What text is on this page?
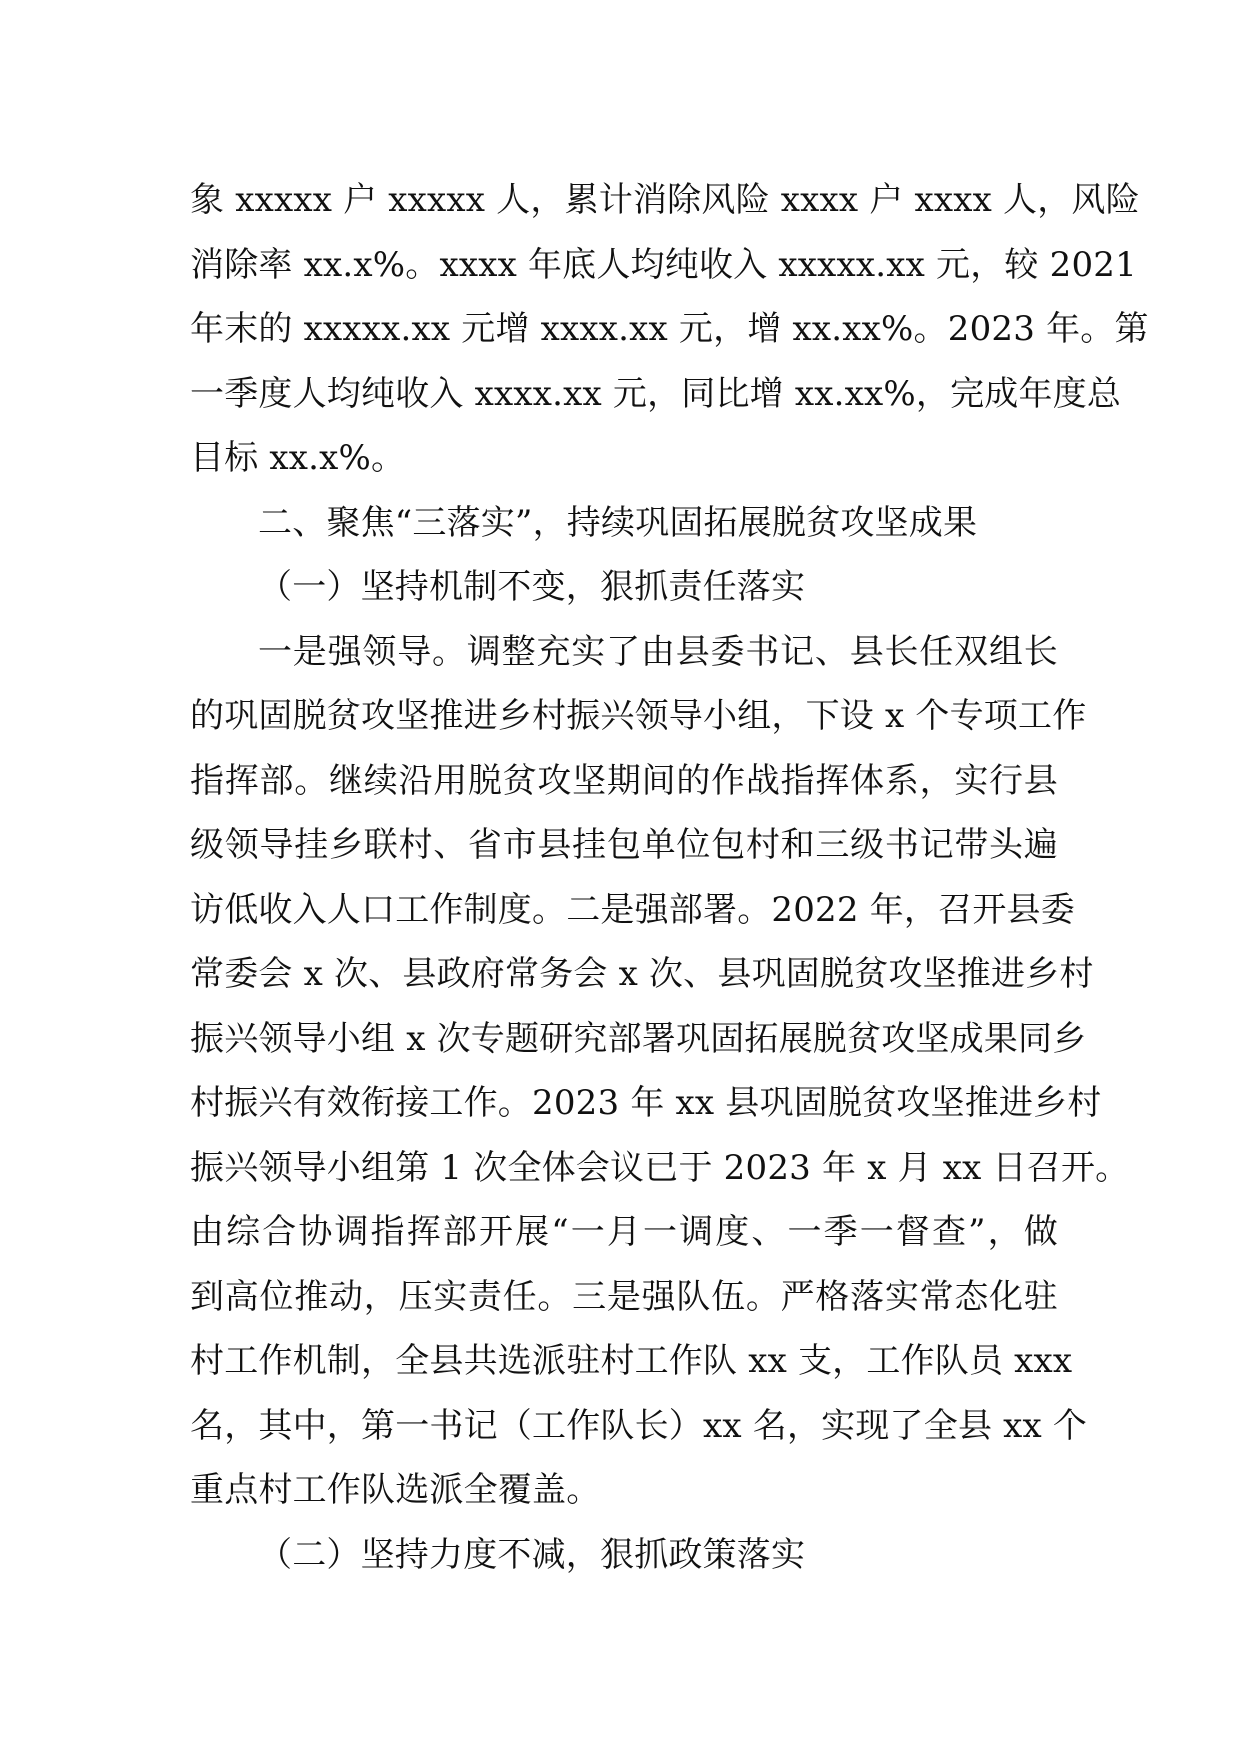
象 xxxxx 户 xxxxx 人，累计消除风险 xxxx 户 xxxx 人，风险
消除率 xx.x%。xxxx 年底人均纯收入 xxxxx.xx 元，较 2021
年末的 xxxxx.xx 元增 xxxx.xx 元，增 xx.xx%。2023 年。第
一季度人均纯收入 xxxx.xx 元，同比增 xx.xx%，完成年度总
目标 xx.x%。
二、聚焦“三落实”，持续巩固拓展脱贫攻坚成果
（一）坚持机制不变，狠抓责任落实
一是强领导。调整充实了由县委书记、县长任双组长
的巩固脱贫攻坚推进乡村振兴领导小组，下设 x 个专项工作
指挥部。继续沿用脱贫攻坚期间的作战指挥体系，实行县
级领导挂乡联村、省市县挂包单位包村和三级书记带头遍
访低收入人口工作制度。二是强部署。2022 年，召开县委
常委会 x 次、县政府常务会 x 次、县巩固脱贫攻坚推进乡村
振兴领导小组 x 次专题研究部署巩固拓展脱贫攻坚成果同乡
村振兴有效衔接工作。2023 年 xx 县巩固脱贫攻坚推进乡村
振兴领导小组第 1 次全体会议已于 2023 年 x 月 xx 日召开。
由综合协调指挥部开展“一月一调度、一季一督查”，做
到高位推动，压实责任。三是强队伍。严格落实常态化驻
村工作机制，全县共选派驻村工作队 xx 支，工作队员 xxx
名，其中，第一书记（工作队长）xx 名，实现了全县 xx 个
重点村工作队选派全覆盖。
（二）坚持力度不减，狠抓政策落实
